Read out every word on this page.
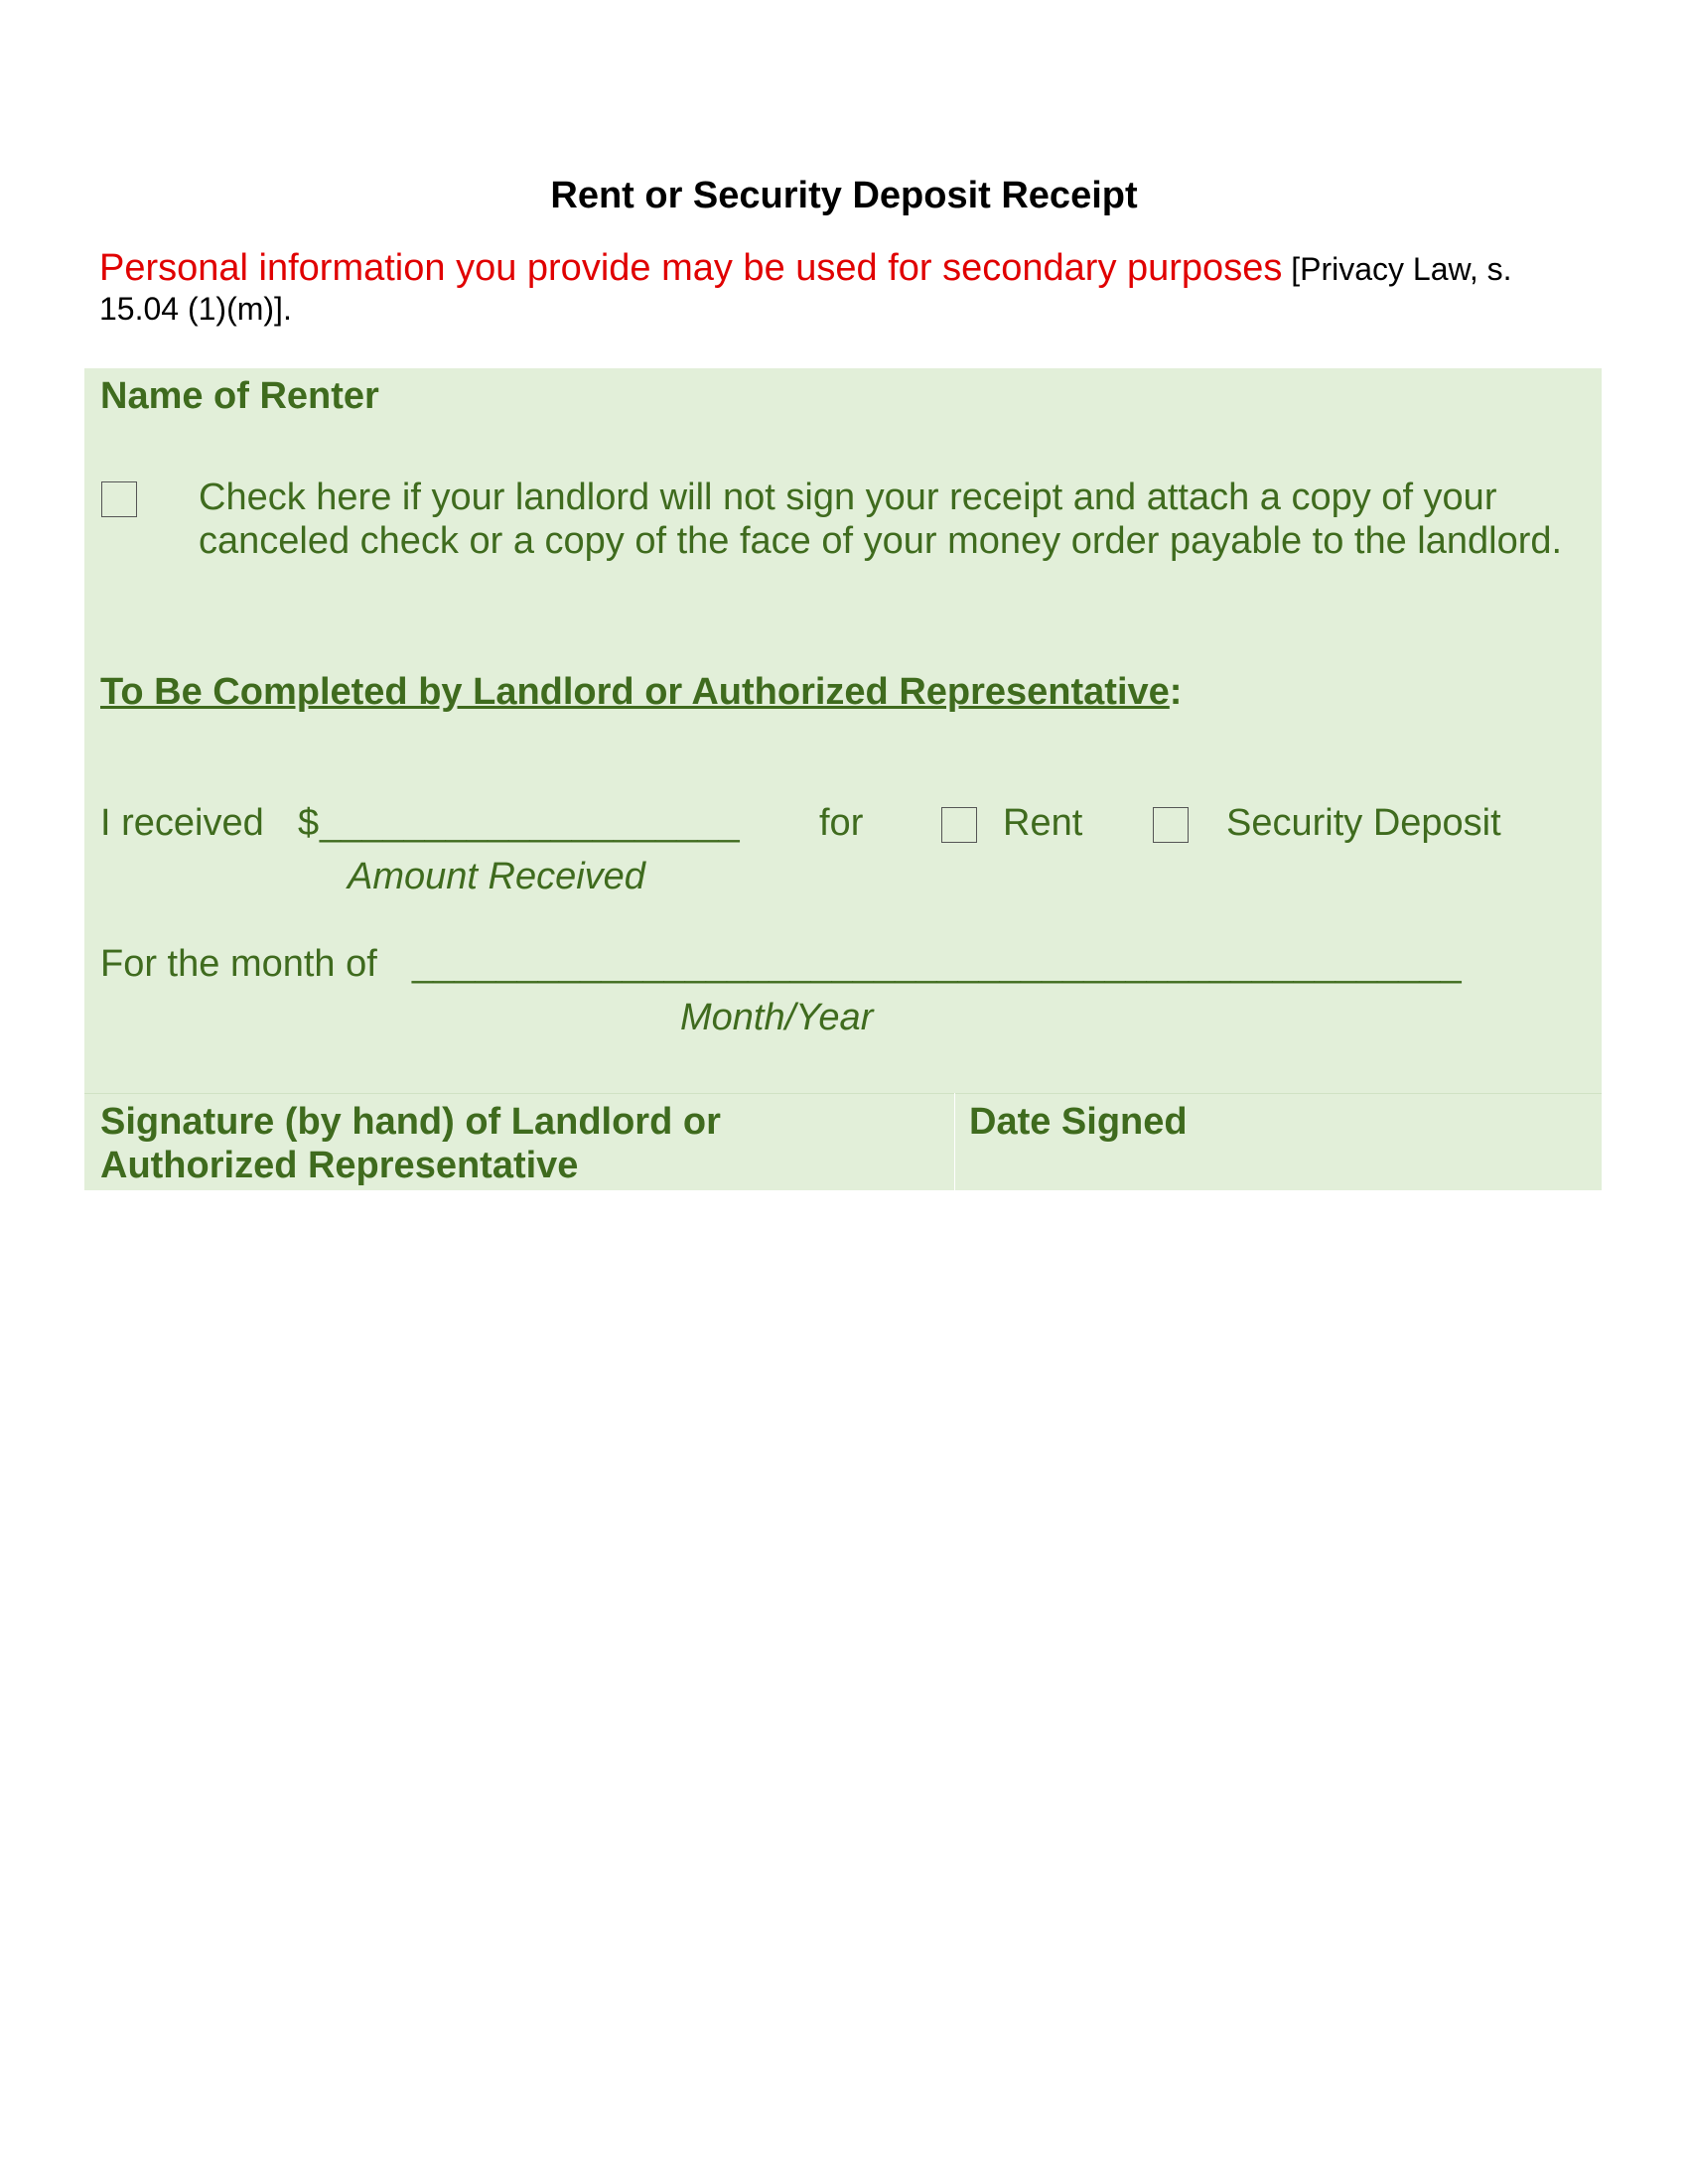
Rent or Security Deposit Receipt
Personal information you provide may be used for secondary purposes [Privacy Law, s. 15.04 (1)(m)].
Name of Renter
Check here if your landlord will not sign your receipt and attach a copy of your canceled check or a copy of the face of your money order payable to the landlord.
To Be Completed by Landlord or Authorized Representative:
I received $ ____________________
Amount Received
for	Rent	Security Deposit
For the month of __________________________________________________
Month/Year
Signature (by hand) of Landlord or Authorized Representative
Date Signed
